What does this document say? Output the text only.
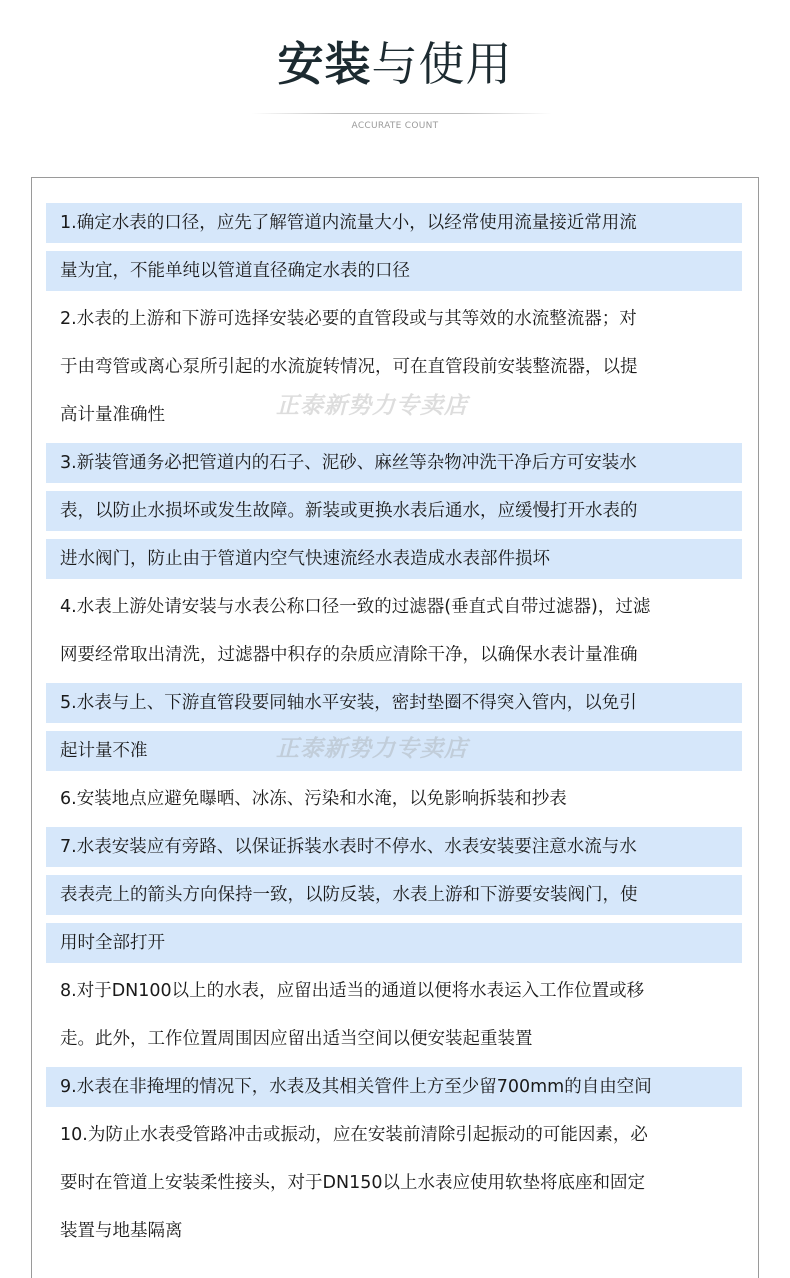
安装与使用
ACCURATE COUNT
1.确定水表的口径，应先了解管道内流量大小，以经常使用流量接近常用流
量为宜，不能单纯以管道直径确定水表的口径
2.水表的上游和下游可选择安装必要的直管段或与其等效的水流整流器；对
于由弯管或离心泵所引起的水流旋转情况，可在直管段前安装整流器，以提
高计量准确性
3.新装管通务必把管道内的石子、泥砂、麻丝等杂物冲洗干净后方可安装水
表，以防止水损坏或发生故障。新装或更换水表后通水，应缓慢打开水表的
进水阀门，防止由于管道内空气快速流经水表造成水表部件损坏
4.水表上游处请安装与水表公称口径一致的过滤器(垂直式自带过滤器)，过滤
网要经常取出清洗，过滤器中积存的杂质应清除干净，以确保水表计量准确
5.水表与上、下游直管段要同轴水平安装，密封垫圈不得突入管内，以免引
起计量不准
6.安装地点应避免曝晒、冰冻、污染和水淹，以免影响拆装和抄表
7.水表安装应有旁路、以保证拆装水表时不停水、水表安装要注意水流与水
表表壳上的箭头方向保持一致，以防反装，水表上游和下游要安装阀门，使
用时全部打开
8.对于DN100以上的水表，应留出适当的通道以便将水表运入工作位置或移
走。此外，工作位置周围因应留出适当空间以便安装起重装置
9.水表在非掩埋的情况下，水表及其相关管件上方至少留700mm的自由空间
10.为防止水表受管路冲击或振动，应在安装前清除引起振动的可能因素，必
要时在管道上安装柔性接头，对于DN150以上水表应使用软垫将底座和固定
装置与地基隔离
正泰新势力专卖店
正泰新势力专卖店
